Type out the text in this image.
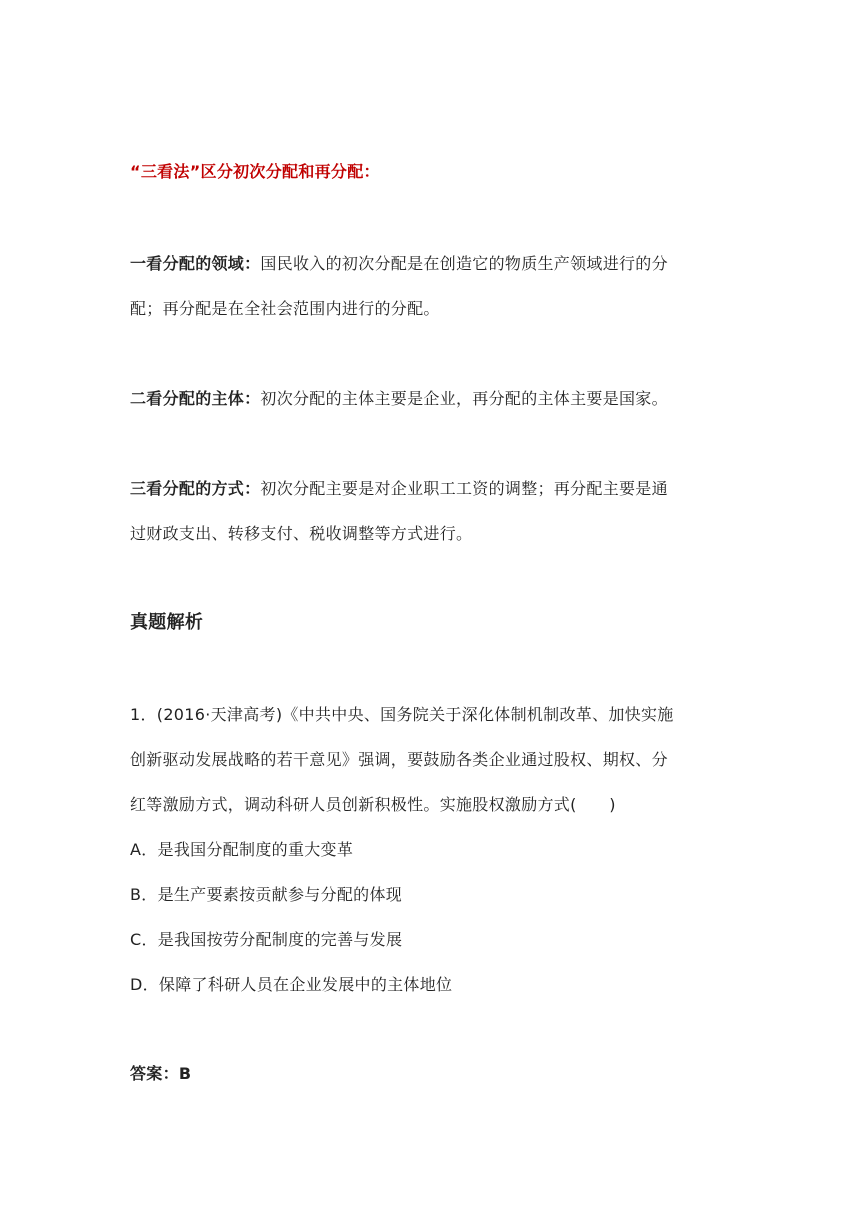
“三看法”区分初次分配和再分配：
一看分配的领域：国民收入的初次分配是在创造它的物质生产领域进行的分
配；再分配是在全社会范围内进行的分配。
二看分配的主体：初次分配的主体主要是企业，再分配的主体主要是国家。
三看分配的方式：初次分配主要是对企业职工工资的调整；再分配主要是通
过财政支出、转移支付、税收调整等方式进行。
真题解析
1．(2016·天津高考)《中共中央、国务院关于深化体制机制改革、加快实施
创新驱动发展战略的若干意见》强调，要鼓励各类企业通过股权、期权、分
红等激励方式，调动科研人员创新积极性。实施股权激励方式(　　)
A．是我国分配制度的重大变革
B．是生产要素按贡献参与分配的体现
C．是我国按劳分配制度的完善与发展
D．保障了科研人员在企业发展中的主体地位
答案：B
